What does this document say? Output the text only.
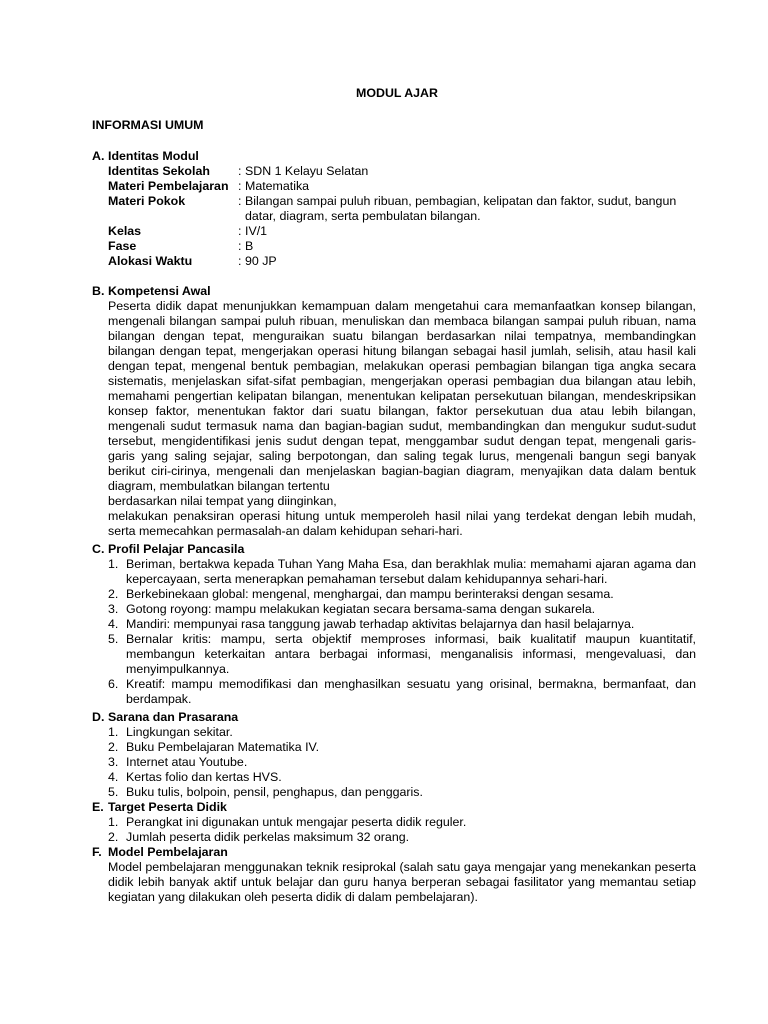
MODUL AJAR
INFORMASI UMUM
A. Identitas Modul
Identitas Sekolah	:	SDN 1 Kelayu Selatan
Materi Pembelajaran	:	Matematika
Materi Pokok	:	Bilangan sampai puluh ribuan, pembagian, kelipatan dan faktor, sudut, bangun datar, diagram, serta pembulatan bilangan.
Kelas	:	IV/1
Fase	:	B
Alokasi Waktu	:	90 JP
B. Kompetensi Awal
Peserta didik dapat menunjukkan kemampuan dalam mengetahui cara memanfaatkan konsep bilangan, mengenali bilangan sampai puluh ribuan, menuliskan dan membaca bilangan sampai puluh ribuan, nama bilangan dengan tepat, menguraikan suatu bilangan berdasarkan nilai tempatnya, membandingkan bilangan dengan tepat, mengerjakan operasi hitung bilangan sebagai hasil jumlah, selisih, atau hasil kali dengan tepat, mengenal bentuk pembagian, melakukan operasi pembagian bilangan tiga angka secara sistematis, menjelaskan sifat-sifat pembagian, mengerjakan operasi pembagian dua bilangan atau lebih, memahami pengertian kelipatan bilangan, menentukan kelipatan persekutuan bilangan, mendeskripsikan konsep faktor, menentukan faktor dari suatu bilangan, faktor persekutuan dua atau lebih bilangan, mengenali sudut termasuk nama dan bagian-bagian sudut, membandingkan dan mengukur sudut-sudut tersebut, mengidentifikasi jenis sudut dengan tepat, menggambar sudut dengan tepat, mengenali garis-garis yang saling sejajar, saling berpotongan, dan saling tegak lurus, mengenali bangun segi banyak berikut ciri-cirinya, mengenali dan menjelaskan bagian-bagian diagram, menyajikan data dalam bentuk diagram, membulatkan bilangan tertentu
berdasarkan nilai tempat yang diinginkan,
melakukan penaksiran operasi hitung untuk memperoleh hasil nilai yang terdekat dengan lebih mudah, serta memecahkan permasalah-an dalam kehidupan sehari-hari.
C. Profil Pelajar Pancasila
1. Beriman, bertakwa kepada Tuhan Yang Maha Esa, dan berakhlak mulia: memahami ajaran agama dan kepercayaan, serta menerapkan pemahaman tersebut dalam kehidupannya sehari-hari.
2. Berkebinekaan global: mengenal, menghargai, dan mampu berinteraksi dengan sesama.
3. Gotong royong: mampu melakukan kegiatan secara bersama-sama dengan sukarela.
4. Mandiri: mempunyai rasa tanggung jawab terhadap aktivitas belajarnya dan hasil belajarnya.
5. Bernalar kritis: mampu, serta objektif memproses informasi, baik kualitatif maupun kuantitatif, membangun keterkaitan antara berbagai informasi, menganalisis informasi, mengevaluasi, dan menyimpulkannya.
6. Kreatif: mampu memodifikasi dan menghasilkan sesuatu yang orisinal, bermakna, bermanfaat, dan berdampak.
D. Sarana dan Prasarana
1. Lingkungan sekitar.
2. Buku Pembelajaran Matematika IV.
3. Internet atau Youtube.
4. Kertas folio dan kertas HVS.
5. Buku tulis, bolpoin, pensil, penghapus, dan penggaris.
E. Target Peserta Didik
1. Perangkat ini digunakan untuk mengajar peserta didik reguler.
2. Jumlah peserta didik perkelas maksimum 32 orang.
F. Model Pembelajaran
Model pembelajaran menggunakan teknik resiprokal (salah satu gaya mengajar yang menekankan peserta didik lebih banyak aktif untuk belajar dan guru hanya berperan sebagai fasilitator yang memantau setiap kegiatan yang dilakukan oleh peserta didik di dalam pembelajaran).
